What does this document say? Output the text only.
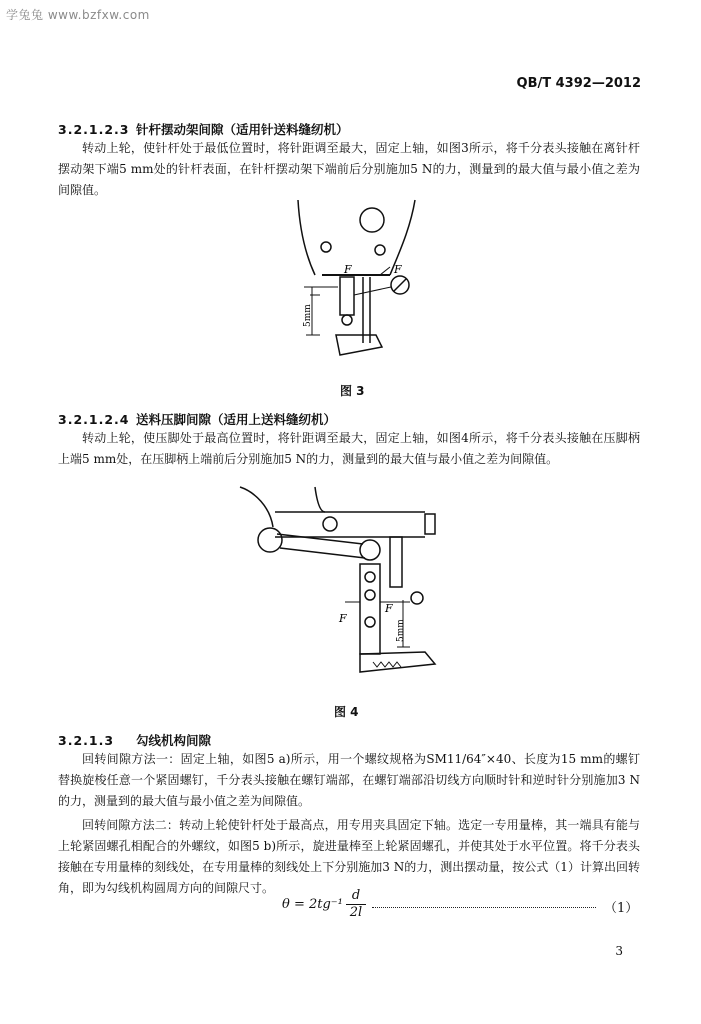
学兔兔 www.bzfxw.com
QB/T 4392—2012
3.2.1.2.3 针杆摆动架间隙（适用针送料缝纫机）
转动上轮，使针杆处于最低位置时，将针距调至最大，固定上轴，如图3所示，将千分表头接触在离针杆摆动架下端5 mm处的针杆表面，在针杆摆动架下端前后分别施加5 N的力，测量到的最大值与最小值之差为间隙值。
F	F
5mm
图 3
3.2.1.2.4 送料压脚间隙（适用上送料缝纫机）
转动上轮，使压脚处于最高位置时，将针距调至最大，固定上轴，如图4所示，将千分表头接触在压脚柄上端5 mm处，在压脚柄上端前后分别施加5 N的力，测量到的最大值与最小值之差为间隙值。
F
F
5mm
图 4
3.2.1.3 勾线机构间隙
回转间隙方法一：固定上轴，如图5 a)所示，用一个螺纹规格为SM11/64″×40、长度为15 mm的螺钉替换旋梭任意一个紧固螺钉，千分表头接触在螺钉端部，在螺钉端部沿切线方向顺时针和逆时针分别施加3 N的力，测量到的最大值与最小值之差为间隙值。
回转间隙方法二：转动上轮使针杆处于最高点，用专用夹具固定下轴。选定一专用量棒，其一端具有能与上轮紧固螺孔相配合的外螺纹，如图5 b)所示，旋进量棒至上轮紧固螺孔，并使其处于水平位置。将千分表头接触在专用量棒的刻线处，在专用量棒的刻线处上下分别施加3 N的力，测出摆动量，按公式（1）计算出回转角，即为勾线机构圆周方向的间隙尺寸。
θ = 2tg⁻¹
d
2l	（1）
3
